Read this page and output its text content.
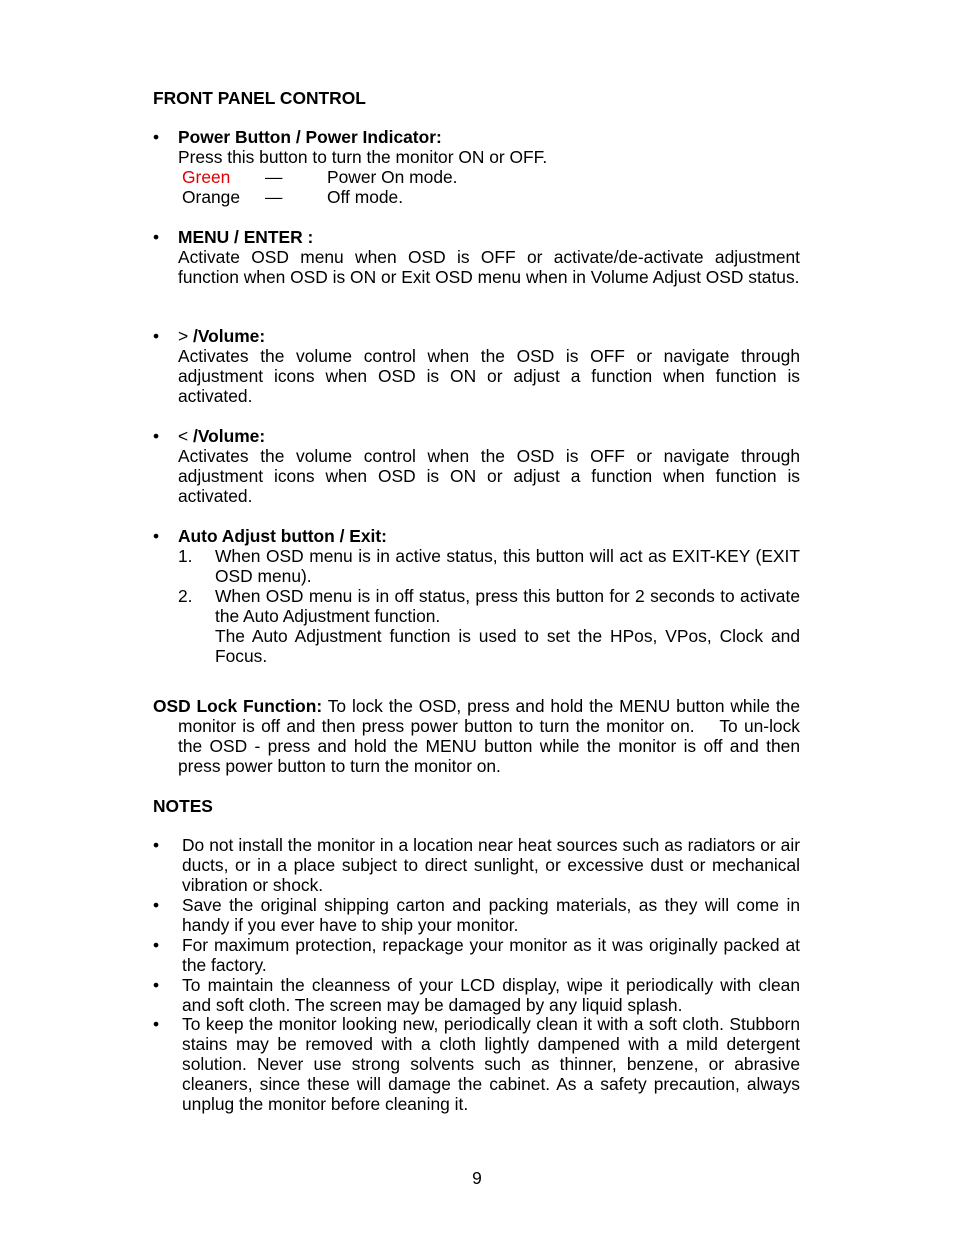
FRONT PANEL CONTROL
•
Power Button / Power Indicator:
Press this button to turn the monitor ON or OFF.
Green —	Power On mode.
Orange —	Off mode.
•
MENU / ENTER :

Activate OSD menu when OSD is OFF or activate/de-activate adjustment function when OSD is ON or Exit OSD menu when in Volume Adjust OSD status.

•
> /Volume:

Activates the volume control when the OSD is OFF or navigate through adjustment icons when OSD is ON or adjust a function when function is activated.

•
< /Volume:

Activates the volume control when the OSD is OFF or navigate through adjustment icons when OSD is ON or adjust a function when function is activated.

•
Auto Adjust button / Exit:
1. When OSD menu is in active status, this button will act as EXIT-KEY (EXIT OSD menu).

2. When OSD menu is in off status, press this button for 2 seconds to activate the Auto Adjustment function.

The Auto Adjustment function is used to set the HPos, VPos, Clock and Focus.

OSD Lock Function: To lock the OSD, press and hold the MENU button while the monitor is off and then press power button to turn the monitor on.    To un-lock the OSD - press and hold the MENU button while the monitor is off and then press power button to turn the monitor on.

NOTES
•

Do not install the monitor in a location near heat sources such as radiators or air ducts, or in a place subject to direct sunlight, or excessive dust or mechanical vibration or shock.

•

Save the original shipping carton and packing materials, as they will come in handy if you ever have to ship your monitor.

•

For maximum protection, repackage your monitor as it was originally packed at the factory.

•

To maintain the cleanness of your LCD display, wipe it periodically with clean and soft cloth. The screen may be damaged by any liquid splash.

•

To keep the monitor looking new, periodically clean it with a soft cloth. Stubborn stains may be removed with a cloth lightly dampened with a mild detergent solution. Never use strong solvents such as thinner, benzene, or abrasive cleaners, since these will damage the cabinet. As a safety precaution, always unplug the monitor before cleaning it.

9
